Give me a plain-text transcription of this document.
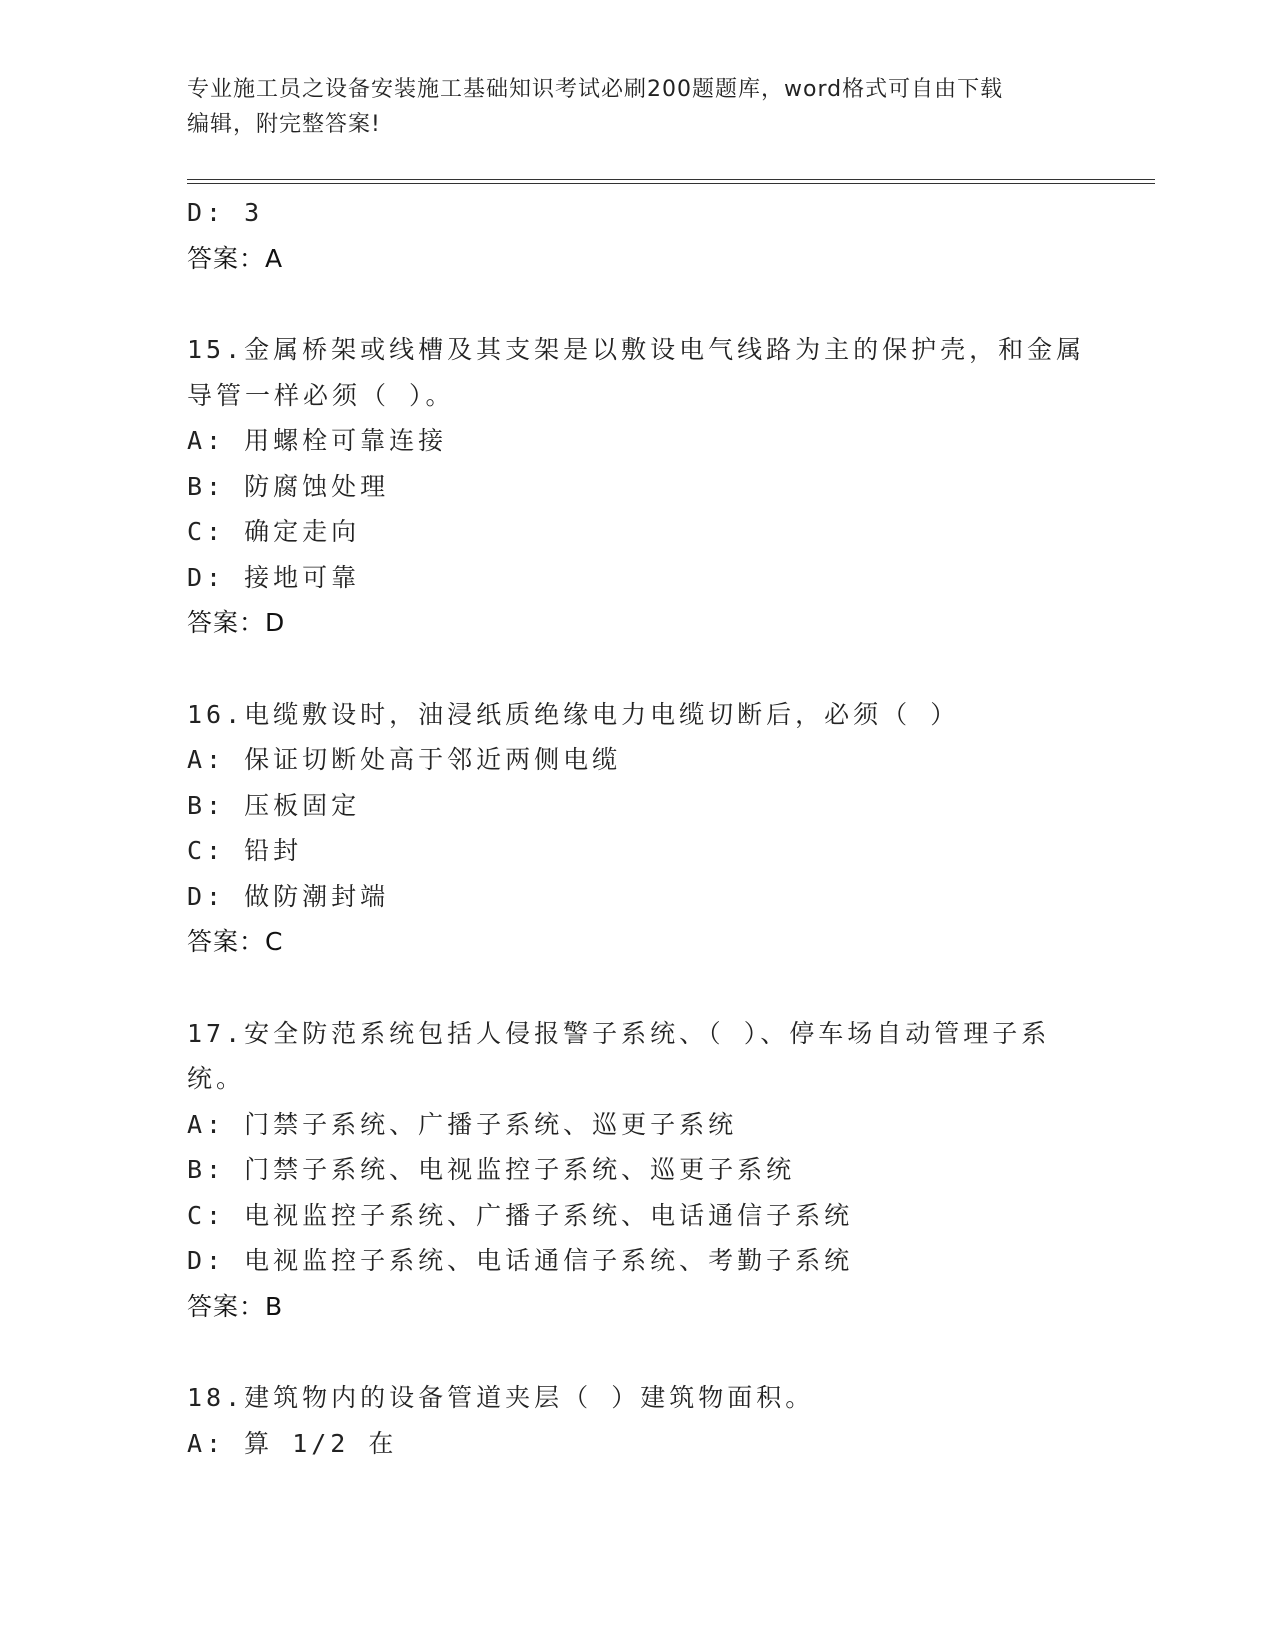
专业施工员之设备安装施工基础知识考试必刷200题题库，word格式可自由下载
编辑，附完整答案!
D: 3
答案：A
15.金属桥架或线槽及其支架是以敷设电气线路为主的保护壳，和金属
导管一样必须（ ）。
A: 用螺栓可靠连接
B: 防腐蚀处理
C: 确定走向
D: 接地可靠
答案：D
16.电缆敷设时，油浸纸质绝缘电力电缆切断后，必须（ ）
A: 保证切断处高于邻近两侧电缆
B: 压板固定
C: 铅封
D: 做防潮封端
答案：C
17.安全防范系统包括人侵报警子系统、（ ）、停车场自动管理子系
统。
A: 门禁子系统、广播子系统、巡更子系统
B: 门禁子系统、电视监控子系统、巡更子系统
C: 电视监控子系统、广播子系统、电话通信子系统
D: 电视监控子系统、电话通信子系统、考勤子系统
答案：B
18.建筑物内的设备管道夹层（ ）建筑物面积。
A: 算 1/2 在
